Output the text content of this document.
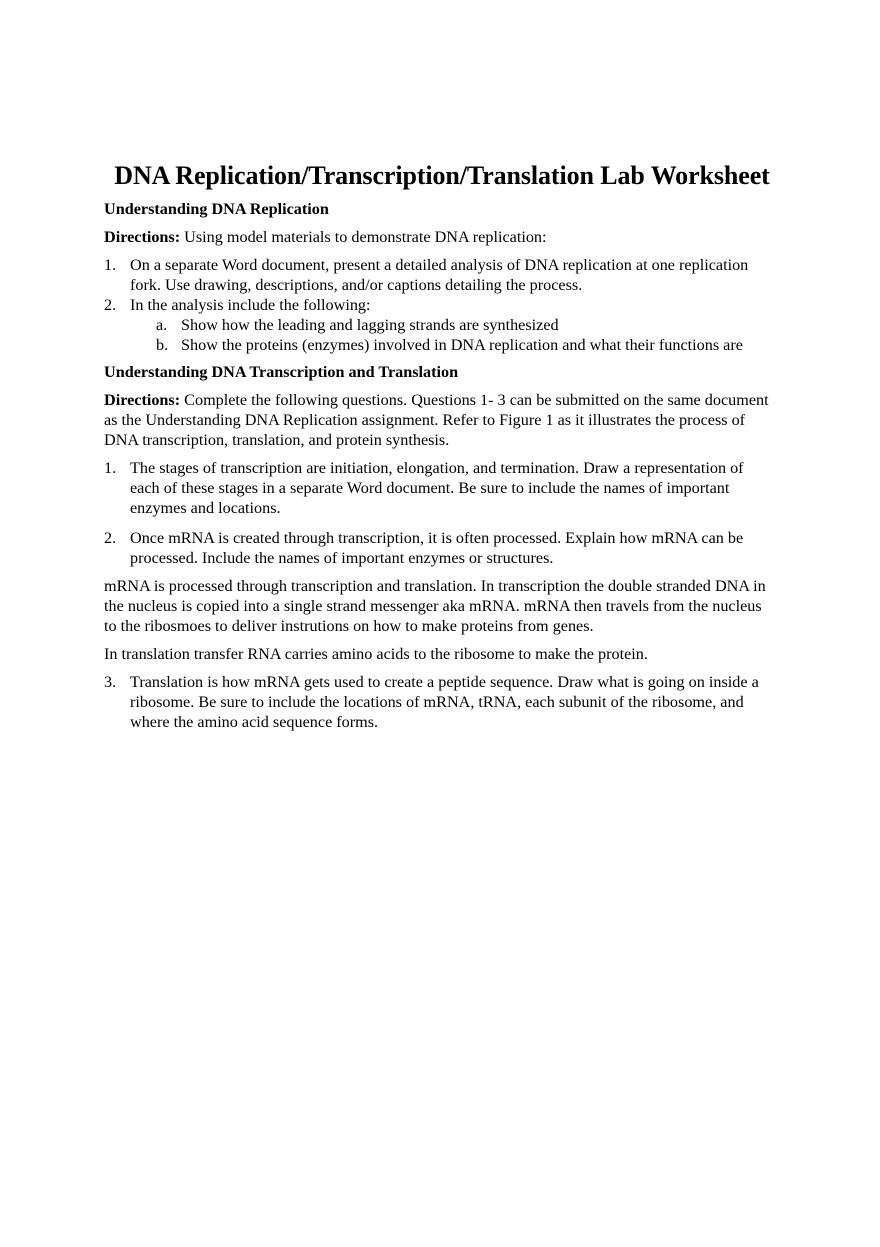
DNA Replication/Transcription/Translation Lab Worksheet
Understanding DNA Replication

Directions: Using model materials to demonstrate DNA replication:

1. On a separate Word document, present a detailed analysis of DNA replication at one replication fork. Use drawing, descriptions, and/or captions detailing the process.
2. In the analysis include the following:
a. Show how the leading and lagging strands are synthesized
b. Show the proteins (enzymes) involved in DNA replication and what their functions are
Understanding DNA Transcription and Translation

Directions: Complete the following questions. Questions 1- 3 can be submitted on the same document as the Understanding DNA Replication assignment. Refer to Figure 1 as it illustrates the process of DNA transcription, translation, and protein synthesis.

1. The stages of transcription are initiation, elongation, and termination. Draw a representation of each of these stages in a separate Word document. Be sure to include the names of important enzymes and locations.
2. Once mRNA is created through transcription, it is often processed. Explain how mRNA can be processed. Include the names of important enzymes or structures.

mRNA is processed through transcription and translation. In transcription the double stranded DNA in the nucleus is copied into a single strand messenger aka mRNA. mRNA then travels from the nucleus to the ribosmoes to deliver instrutions on how to make proteins from genes.

In translation transfer RNA carries amino acids to the ribosome to make the protein.

3. Translation is how mRNA gets used to create a peptide sequence. Draw what is going on inside a ribosome. Be sure to include the locations of mRNA, tRNA, each subunit of the ribosome, and where the amino acid sequence forms.
